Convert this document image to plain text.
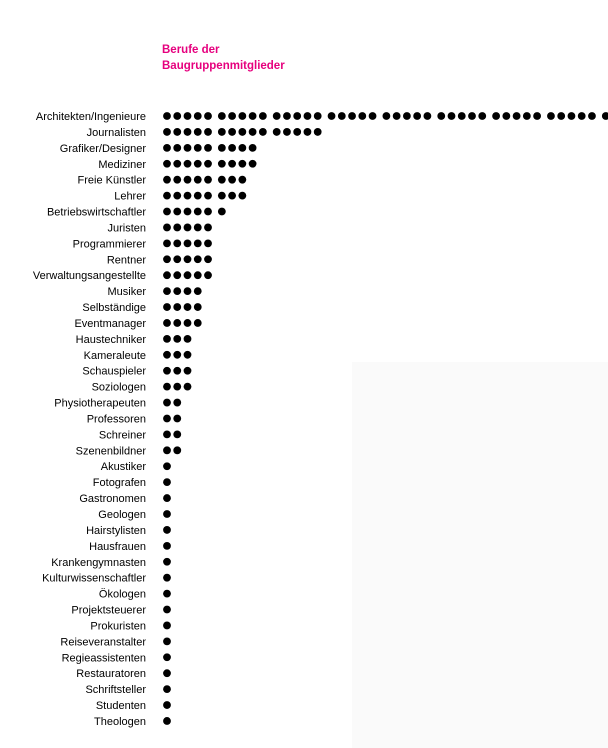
Berufe der
Baugruppenmitglieder
Architekten/Ingenieure
Journalisten
Grafiker/Designer
Mediziner
Freie Künstler
Lehrer
Betriebswirtschaftler
Juristen
Programmierer
Rentner
Verwaltungsangestellte
Musiker
Selbständige
Eventmanager
Haustechniker
Kameraleute
Schauspieler
Soziologen
Physiotherapeuten
Professoren
Schreiner
Szenenbildner
Akustiker
Fotografen
Gastronomen
Geologen
Hairstylisten
Hausfrauen
Krankengymnasten
Kulturwissenschaftler
Ökologen
Projektsteuerer
Prokuristen
Reiseveranstalter
Regieassistenten
Restauratoren
Schriftsteller
Studenten
Theologen
